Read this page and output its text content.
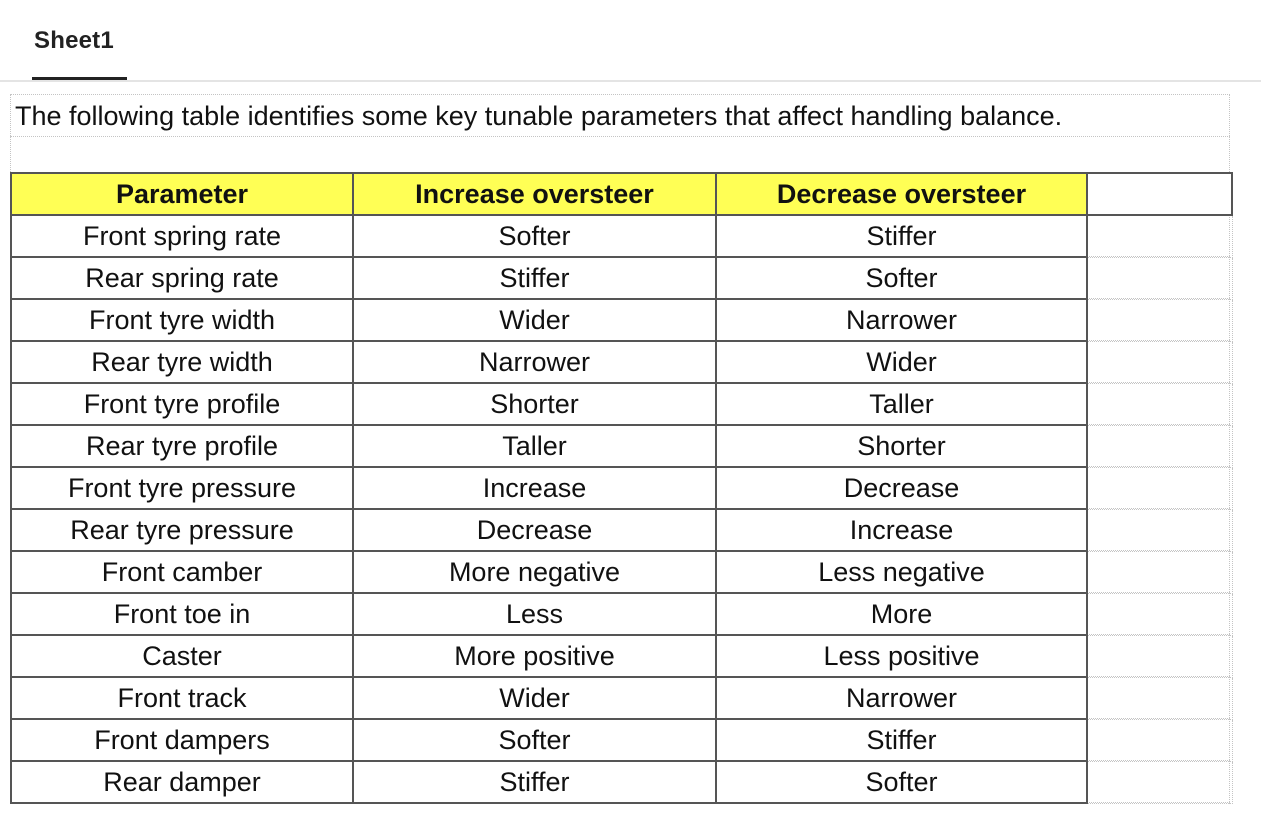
Sheet1
The following table identifies some key tunable parameters that affect handling balance.
Parameter	Increase oversteer	Decrease oversteer	
Front spring rate	Softer	Stiffer	
Rear spring rate	Stiffer	Softer	
Front tyre width	Wider	Narrower	
Rear tyre width	Narrower	Wider	
Front tyre profile	Shorter	Taller	
Rear tyre profile	Taller	Shorter	
Front tyre pressure	Increase	Decrease	
Rear tyre pressure	Decrease	Increase	
Front camber	More negative	Less negative	
Front toe in	Less	More	
Caster	More positive	Less positive	
Front track	Wider	Narrower	
Front dampers	Softer	Stiffer	
Rear damper	Stiffer	Softer	
